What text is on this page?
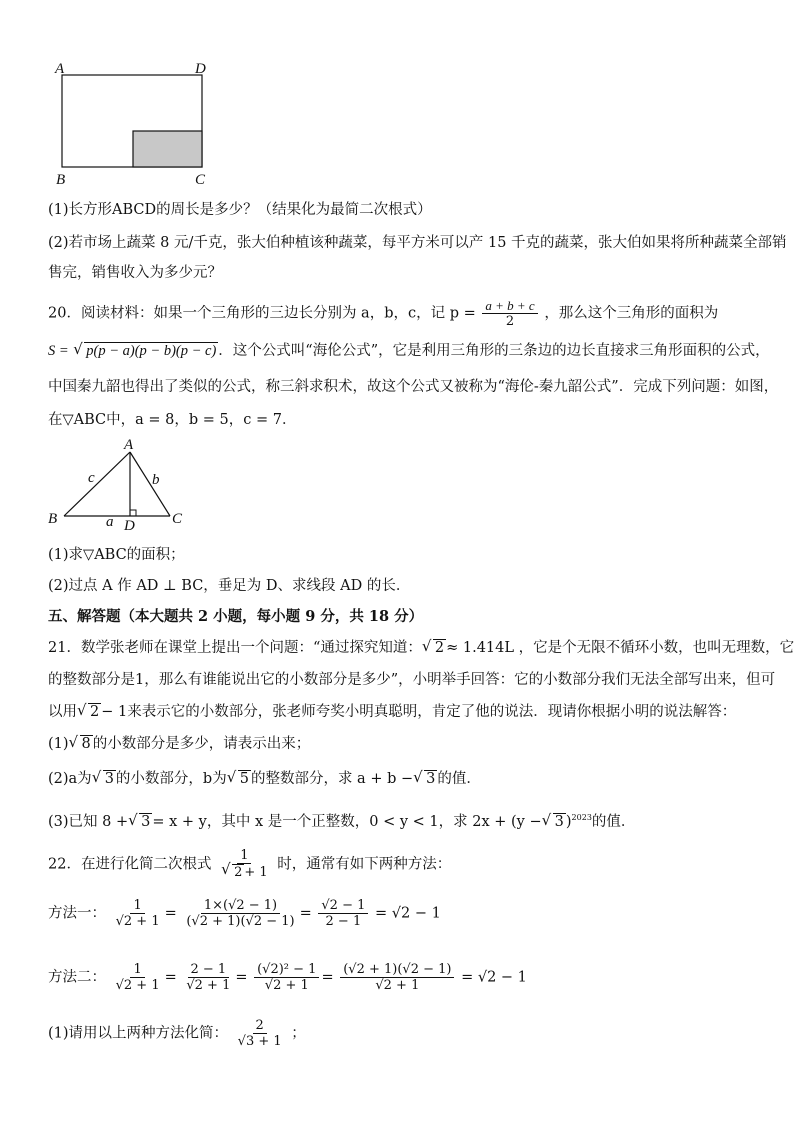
A	D
B	C
(1)长方形ABCD的周长是多少？（结果化为最简二次根式）
(2)若市场上蔬菜 8 元/千克，张大伯种植该种蔬菜，每平方米可以产 15 千克的蔬菜，张大伯如果将所种蔬菜全部销
售完，销售收入为多少元？
20．阅读材料：如果一个三角形的三边长分别为 a，b，c，记 $p = \frac{a + b + c}{2}$ ，那么这个三角形的面积为
S = √ p(p − a)(p − b)(p − c) ．这个公式叫“海伦公式”，它是利用三角形的三条边的边长直接求三角形面积的公式，
中国秦九韶也得出了类似的公式，称三斜求积术，故这个公式又被称为“海伦-秦九韶公式”．完成下列问题：如图，
在▽ABC中，a = 8，b = 5，c = 7．
A
B	C
D
a
b
c
(1)求▽ABC的面积；
(2)过点 A 作 AD ⊥ BC，垂足为 D、求线段 AD 的长．
五、解答题（本大题共 2 小题，每小题 9 分，共 18 分）
21．数学张老师在课堂上提出一个问题：“通过探究知道： √ 2 ≈ 1.414L ，它是个无限不循环小数，也叫无理数，它
的整数部分是1，那么有谁能说出它的小数部分是多少”，小明举手回答：它的小数部分我们无法全部写出来，但可
以用 √ 2 − 1来表示它的小数部分，张老师夸奖小明真聪明，肯定了他的说法．现请你根据小明的说法解答：
(1) √ 8 的小数部分是多少，请表示出来；
(2)a为 √ 3 的小数部分，b为 √ 5 的整数部分，求 a + b − √ 3 的值．
(3)已知 8 + √ 3 = x + y，其中 x 是一个正整数，0 < y < 1，求 2x + (y − √ 3 )$^{2023}$的值．
22．在进行化简二次根式 1
√ 2 + 1 时，通常有如下两种方法：
方法一： $\frac{1}{√2 + 1} = \frac{1\times(√2 - 1)}{(√2 + 1)(√2 - 1)} = \frac{√2 - 1}{2 - 1} = √2 - 1$
方法二： $\frac{1}{√2 + 1} = \frac{2 - 1}{√2 + 1} = \frac{\text{(√2)² − 1}}{√2 + 1} = \frac{(√2 + 1)(√2 - 1)}{√2 + 1} = √2 - 1$
(1)请用以上两种方法化简： $\frac{2}{√3 + 1}$ ；
